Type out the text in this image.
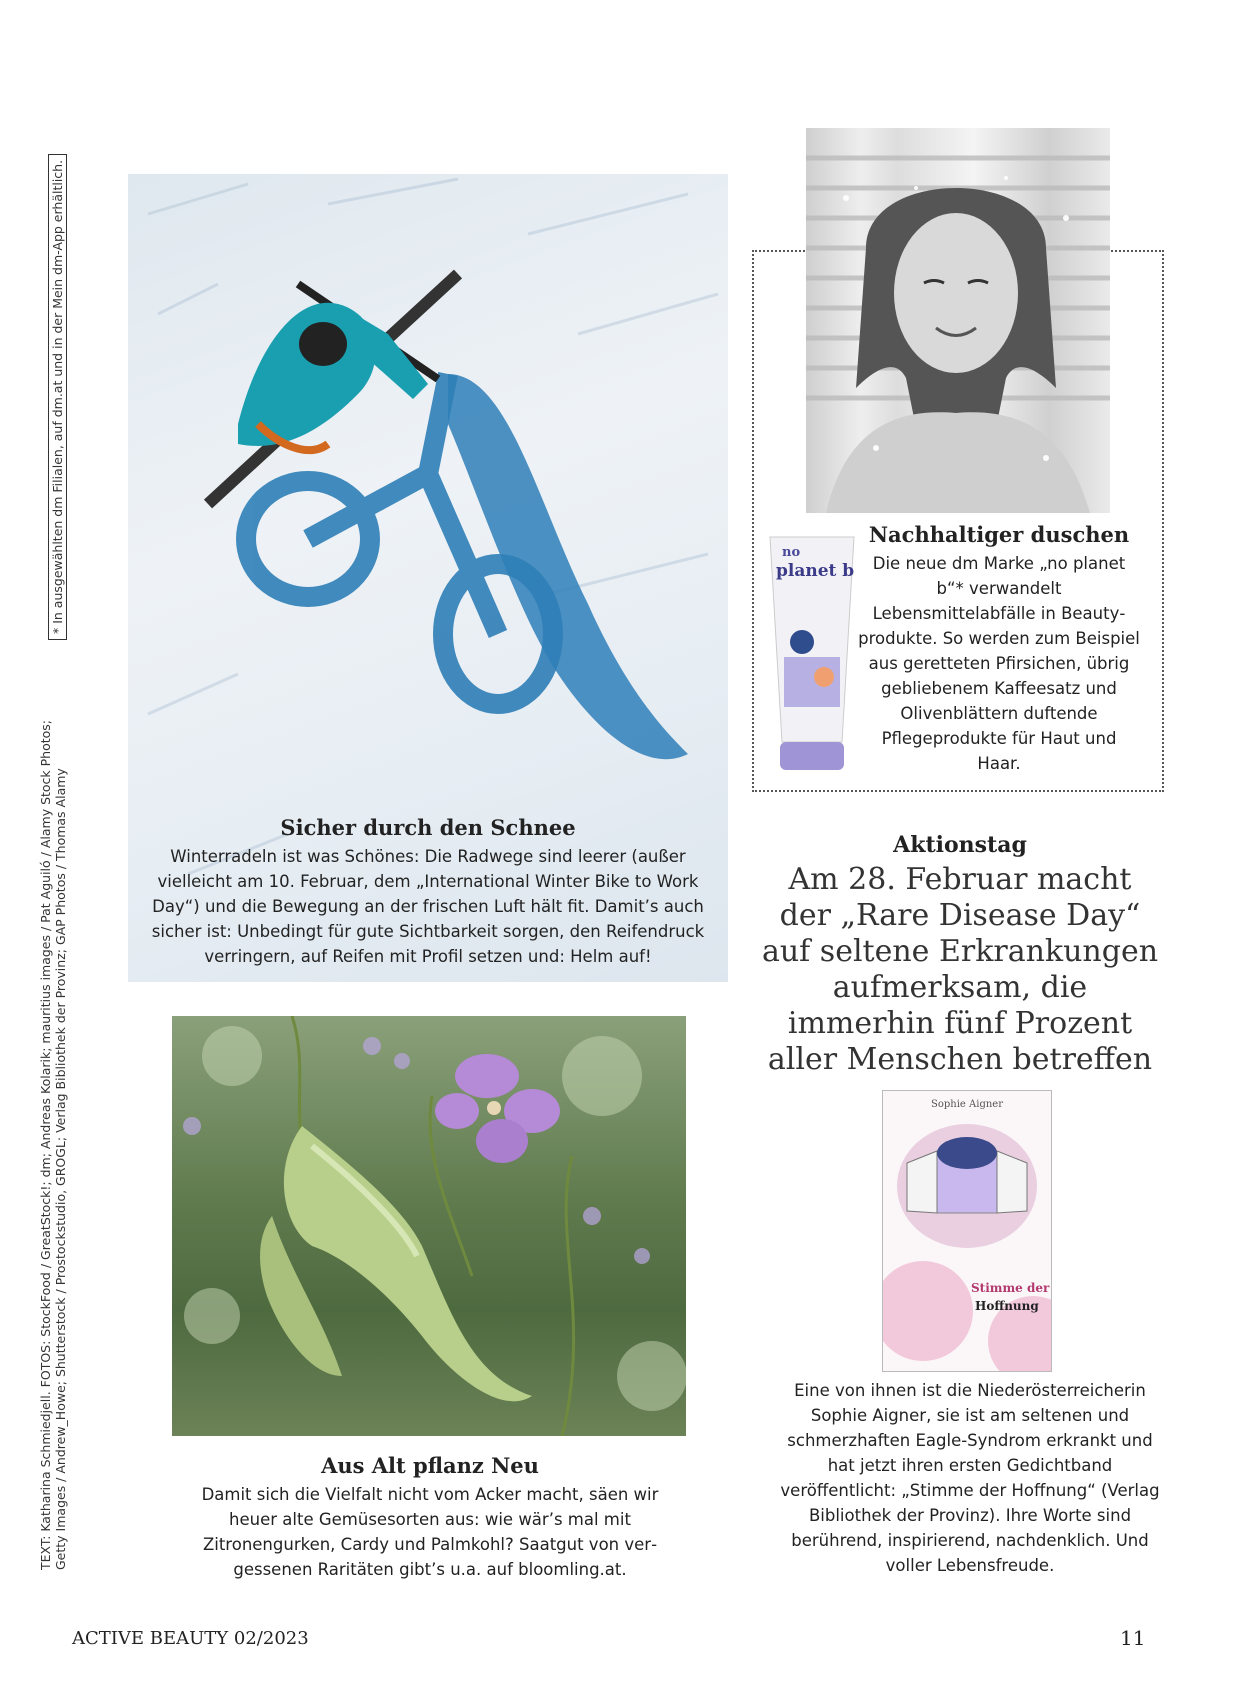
TEXT: Katharina Schmiedjell. FOTOS: StockFood / GreatStock!; dm; Andreas Kolarik; mauritius images / Pat Aguiló / Alamy Stock Photos; Getty Images / Andrew_Howe; Shutterstock / Prostockstudio, GROGL; Verlag Bibliothek der Provinz; GAP Photos / Thomas Alamy

* In ausgewählten dm Filialen, auf dm.at und in der Mein dm-App erhältlich.

Sicher durch den Schnee

Winterradeln ist was Schönes: Die Radwege sind leerer (außer vielleicht am 10. Februar, dem „International Winter Bike to Work Day“) und die Bewegung an der frischen Luft hält fit. Damit’s auch sicher ist: Unbedingt für gute Sichtbarkeit sorgen, den Reifendruck verringern, auf Reifen mit Profil setzen und: Helm auf!

no
planet b

Nachhaltiger duschen

Die neue dm Marke „no planet b“* verwandelt Lebensmittelabfälle in Beautyprodukte. So werden zum Beispiel aus geretteten Pfirsichen, übrig gebliebenem Kaffeesatz und Olivenblättern duftende Pflegeprodukte für Haut und Haar.

Aktionstag
Am 28. Februar macht der „Rare Disease Day“ auf seltene Erkrankungen aufmerksam, die immerhin fünf Prozent aller Menschen betreffen
Sophie Aigner
Stimme der
Hoffnung

Eine von ihnen ist die Niederösterreicherin Sophie Aigner, sie ist am seltenen und schmerzhaften Eagle-Syndrom erkrankt und hat jetzt ihren ersten Gedichtband veröffentlicht: „Stimme der Hoffnung“ (Verlag Bibliothek der Provinz). Ihre Worte sind berührend, inspirierend, nachdenklich. Und voller Lebensfreude.

Aus Alt pflanz Neu

Damit sich die Vielfalt nicht vom Acker macht, säen wir heuer alte Gemüsesorten aus: wie wär’s mal mit Zitronengurken, Cardy und Palmkohl? Saatgut von vergessenen Raritäten gibt’s u.a. auf bloomling.at.

ACTIVE BEAUTY 02/2023	11
